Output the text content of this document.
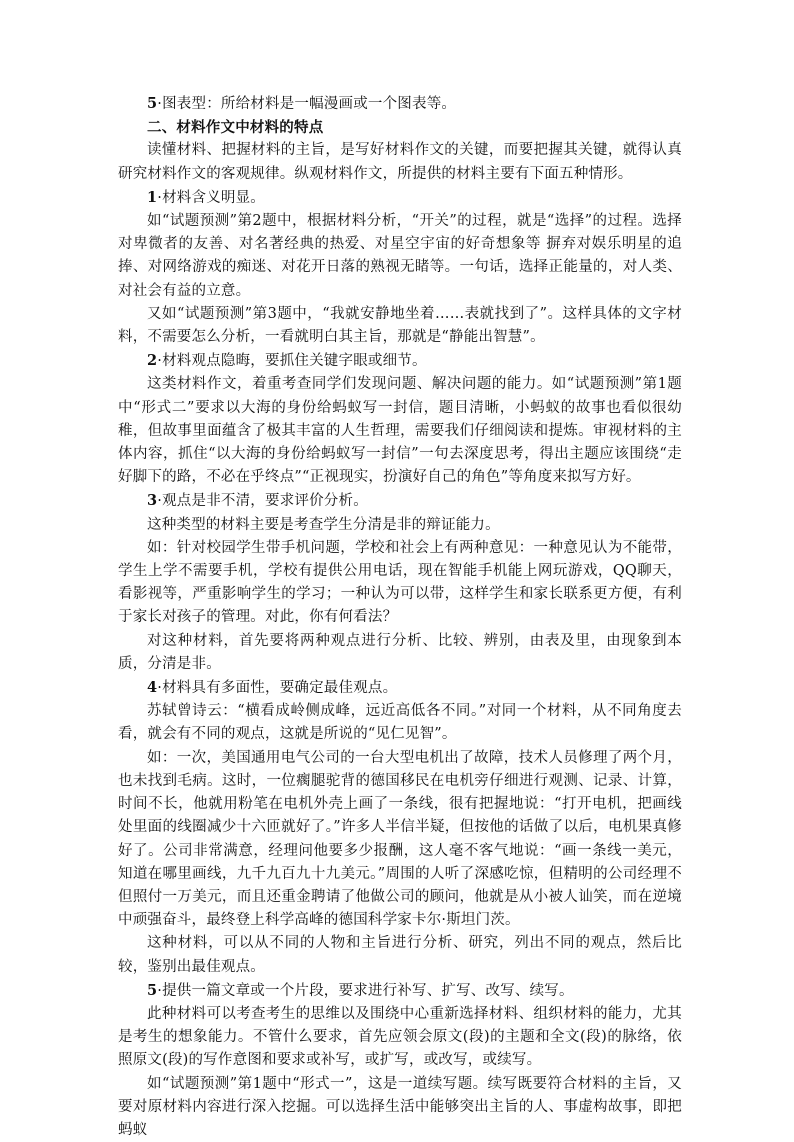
5·图表型：所给材料是一幅漫画或一个图表等。

二、材料作文中材料的特点

读懂材料、把握材料的主旨，是写好材料作文的关键，而要把握其关键，就得认真研究材料作文的客观规律。纵观材料作文，所提供的材料主要有下面五种情形。

1·材料含义明显。

如“试题预测”第2题中，根据材料分析，“开关”的过程，就是“选择”的过程。选择对卑微者的友善、对名著经典的热爱、对星空宇宙的好奇想象等 摒弃对娱乐明星的追捧、对网络游戏的痴迷、对花开日落的熟视无睹等。一句话，选择正能量的，对人类、对社会有益的立意。

又如“试题预测”第3题中，“我就安静地坐着……表就找到了”。这样具体的文字材料，不需要怎么分析，一看就明白其主旨，那就是“静能出智慧”。

2·材料观点隐晦，要抓住关键字眼或细节。

这类材料作文，着重考查同学们发现问题、解决问题的能力。如“试题预测”第1题中“形式二”要求以大海的身份给蚂蚁写一封信，题目清晰，小蚂蚁的故事也看似很幼稚，但故事里面蕴含了极其丰富的人生哲理，需要我们仔细阅读和提炼。审视材料的主体内容，抓住“以大海的身份给蚂蚁写一封信”一句去深度思考，得出主题应该围绕“走好脚下的路，不必在乎终点”“正视现实，扮演好自己的角色”等角度来拟写方好。

3·观点是非不清，要求评价分析。

这种类型的材料主要是考查学生分清是非的辩证能力。

如：针对校园学生带手机问题，学校和社会上有两种意见：一种意见认为不能带，学生上学不需要手机，学校有提供公用电话，现在智能手机能上网玩游戏，QQ聊天，看影视等，严重影响学生的学习；一种认为可以带，这样学生和家长联系更方便，有利于家长对孩子的管理。对此，你有何看法？

对这种材料，首先要将两种观点进行分析、比较、辨别，由表及里，由现象到本质，分清是非。

4·材料具有多面性，要确定最佳观点。

苏轼曾诗云：“横看成岭侧成峰，远近高低各不同。”对同一个材料，从不同角度去看，就会有不同的观点，这就是所说的“见仁见智”。

如：一次，美国通用电气公司的一台大型电机出了故障，技术人员修理了两个月，也未找到毛病。这时，一位瘸腿驼背的德国移民在电机旁仔细进行观测、记录、计算，时间不长，他就用粉笔在电机外壳上画了一条线，很有把握地说：“打开电机，把画线处里面的线圈减少十六匝就好了。”许多人半信半疑，但按他的话做了以后，电机果真修好了。公司非常满意，经理问他要多少报酬，这人毫不客气地说：“画一条线一美元，知道在哪里画线，九千九百九十九美元。”周围的人听了深感吃惊，但精明的公司经理不但照付一万美元，而且还重金聘请了他做公司的顾问，他就是从小被人讪笑，而在逆境中顽强奋斗，最终登上科学高峰的德国科学家卡尔·斯坦门茨。

这种材料，可以从不同的人物和主旨进行分析、研究，列出不同的观点，然后比较，鉴别出最佳观点。

5·提供一篇文章或一个片段，要求进行补写、扩写、改写、续写。

此种材料可以考查考生的思维以及围绕中心重新选择材料、组织材料的能力，尤其是考生的想象能力。不管什么要求，首先应领会原文(段)的主题和全文(段)的脉络，依照原文(段)的写作意图和要求或补写，或扩写，或改写，或续写。

如“试题预测”第1题中“形式一”，这是一道续写题。续写既要符合材料的主旨，又要对原材料内容进行深入挖掘。可以选择生活中能够突出主旨的人、事虚构故事，即把蚂蚁
